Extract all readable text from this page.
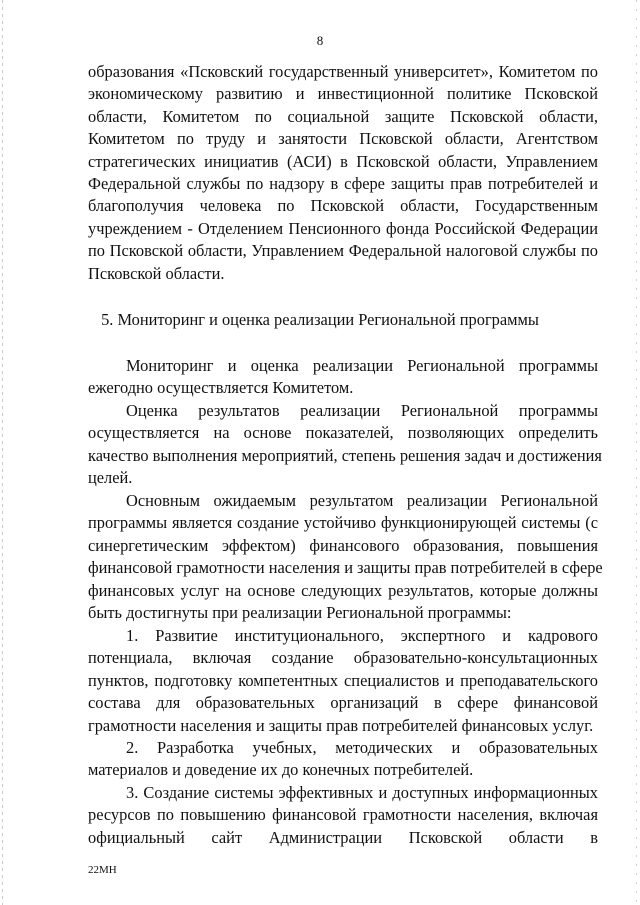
8
образования «Псковский государственный университет», Комитетом по
экономическому развитию и инвестиционной политике Псковской
области, Комитетом по социальной защите Псковской области,
Комитетом по труду и занятости Псковской области, Агентством
стратегических инициатив (АСИ) в Псковской области, Управлением
Федеральной службы по надзору в сфере защиты прав потребителей и
благополучия человека по Псковской области, Государственным
учреждением - Отделением Пенсионного фонда Российской Федерации
по Псковской области, Управлением Федеральной налоговой службы по
Псковской области.
5. Мониторинг и оценка реализации Региональной программы
Мониторинг и оценка реализации Региональной программы
ежегодно осуществляется Комитетом.
Оценка результатов реализации Региональной программы
осуществляется на основе показателей, позволяющих определить
качество выполнения мероприятий, степень решения задач и достижения
целей.
Основным ожидаемым результатом реализации Региональной
программы является создание устойчиво функционирующей системы (с
синергетическим эффектом) финансового образования, повышения
финансовой грамотности населения и защиты прав потребителей в сфере
финансовых услуг на основе следующих результатов, которые должны
быть достигнуты при реализации Региональной программы:
1. Развитие институционального, экспертного и кадрового
потенциала, включая создание образовательно-консультационных
пунктов, подготовку компетентных специалистов и преподавательского
состава для образовательных организаций в сфере финансовой
грамотности населения и защиты прав потребителей финансовых услуг.
2. Разработка учебных, методических и образовательных
материалов и доведение их до конечных потребителей.
3. Создание системы эффективных и доступных информационных
ресурсов по повышению финансовой грамотности населения, включая
официальный сайт Администрации Псковской области в
22МН
